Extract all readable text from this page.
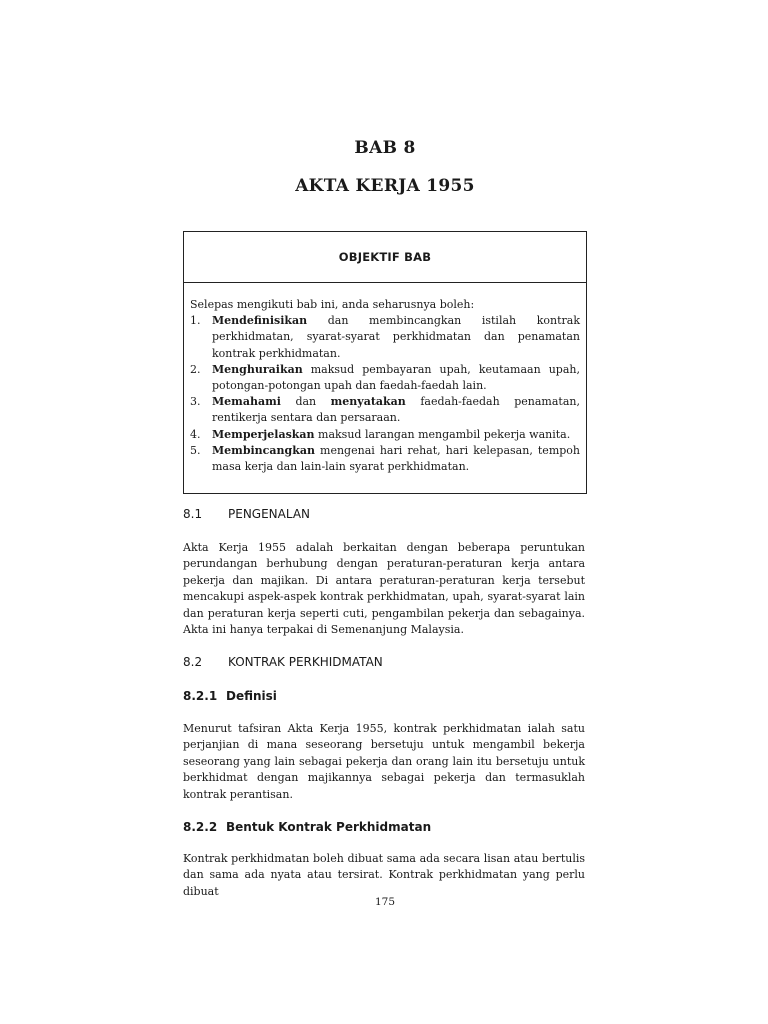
BAB 8
AKTA KERJA 1955
OBJEKTIF BAB

Selepas mengikuti bab ini, anda seharusnya boleh:

1.	Mendefinisikan dan membincangkan istilah kontrak perkhidmatan, syarat-syarat perkhidmatan dan penamatan kontrak perkhidmatan.
2.	Menghuraikan maksud pembayaran upah, keutamaan upah, potongan-potongan upah dan faedah-faedah lain.
3.	Memahami dan menyatakan faedah-faedah penamatan, rentikerja sentara dan persaraan.
4.	Memperjelaskan maksud larangan mengambil pekerja wanita.
5.	Membincangkan mengenai hari rehat, hari kelepasan, tempoh masa kerja dan lain-lain syarat perkhidmatan.
8.1	PENGENALAN

Akta Kerja 1955 adalah berkaitan dengan beberapa peruntukan perundangan berhubung dengan peraturan-peraturan kerja antara pekerja dan majikan. Di antara peraturan-peraturan kerja tersebut mencakupi aspek-aspek kontrak perkhidmatan, upah, syarat-syarat lain dan peraturan kerja seperti cuti, pengambilan pekerja dan sebagainya. Akta ini hanya terpakai di Semenanjung Malaysia.

8.2	KONTRAK PERKHIDMATAN
8.2.1 Definisi

Menurut tafsiran Akta Kerja 1955, kontrak perkhidmatan ialah satu perjanjian di mana seseorang bersetuju untuk mengambil bekerja seseorang yang lain sebagai pekerja dan orang lain itu bersetuju untuk berkhidmat dengan majikannya sebagai pekerja dan termasuklah kontrak perantisan.

8.2.2 Bentuk Kontrak Perkhidmatan

Kontrak perkhidmatan boleh dibuat sama ada secara lisan atau bertulis dan sama ada nyata atau tersirat. Kontrak perkhidmatan yang perlu dibuat

175
